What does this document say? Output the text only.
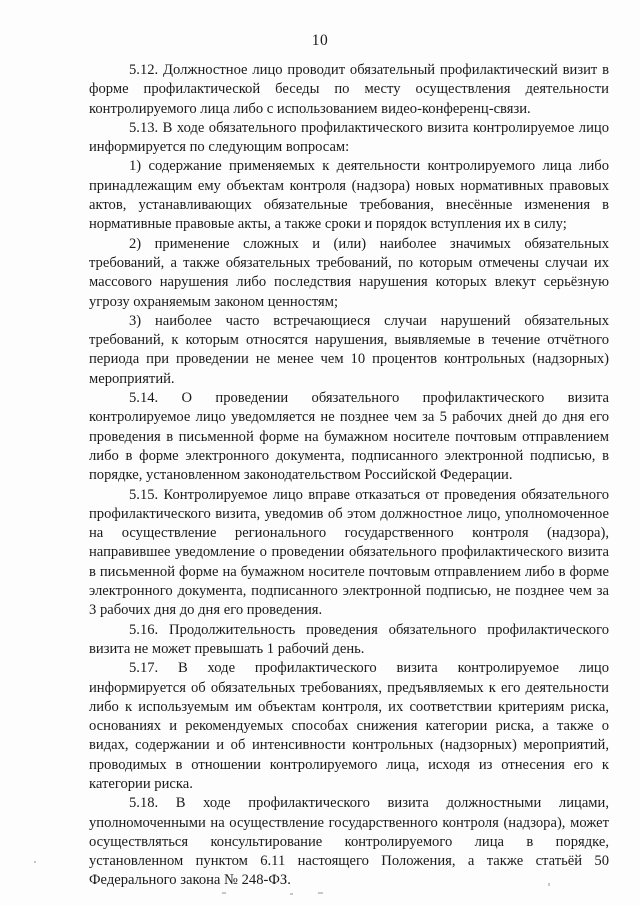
10

5.12. Должностное лицо проводит обязательный профилактический визит в форме профилактической беседы по месту осуществления деятельности контролируемого лица либо с использованием видео-конференц-связи.

5.13. В ходе обязательного профилактического визита контролируемое лицо информируется по следующим вопросам:

1) содержание применяемых к деятельности контролируемого лица либо принадлежащим ему объектам контроля (надзора) новых нормативных правовых актов, устанавливающих обязательные требования, внесённые изменения в нормативные правовые акты, а также сроки и порядок вступления их в силу;

2) применение сложных и (или) наиболее значимых обязательных требований, а также обязательных требований, по которым отмечены случаи их массового нарушения либо последствия нарушения которых влекут серьёзную угрозу охраняемым законом ценностям;

3) наиболее часто встречающиеся случаи нарушений обязательных требований, к которым относятся нарушения, выявляемые в течение отчётного периода при проведении не менее чем 10 процентов контрольных (надзорных) мероприятий.

5.14. О проведении обязательного профилактического визита контролируемое лицо уведомляется не позднее чем за 5 рабочих дней до дня его проведения в письменной форме на бумажном носителе почтовым отправлением либо в форме электронного документа, подписанного электронной подписью, в порядке, установленном законодательством Российской Федерации.

5.15. Контролируемое лицо вправе отказаться от проведения обязательного профилактического визита, уведомив об этом должностное лицо, уполномоченное на осуществление регионального государственного контроля (надзора), направившее уведомление о проведении обязательного профилактического визита в письменной форме на бумажном носителе почтовым отправлением либо в форме электронного документа, подписанного электронной подписью, не позднее чем за 3 рабочих дня до дня его проведения.

5.16. Продолжительность проведения обязательного профилактического визита не может превышать 1 рабочий день.

5.17. В ходе профилактического визита контролируемое лицо информируется об обязательных требованиях, предъявляемых к его деятельности либо к используемым им объектам контроля, их соответствии критериям риска, основаниях и рекомендуемых способах снижения категории риска, а также о видах, содержании и об интенсивности контрольных (надзорных) мероприятий, проводимых в отношении контролируемого лица, исходя из отнесения его к категории риска.

5.18. В ходе профилактического визита должностными лицами, уполномоченными на осуществление государственного контроля (надзора), может осуществляться консультирование контролируемого лица в порядке, установленном пунктом 6.11 настоящего Положения, а также статьёй 50 Федерального закона № 248-ФЗ.
